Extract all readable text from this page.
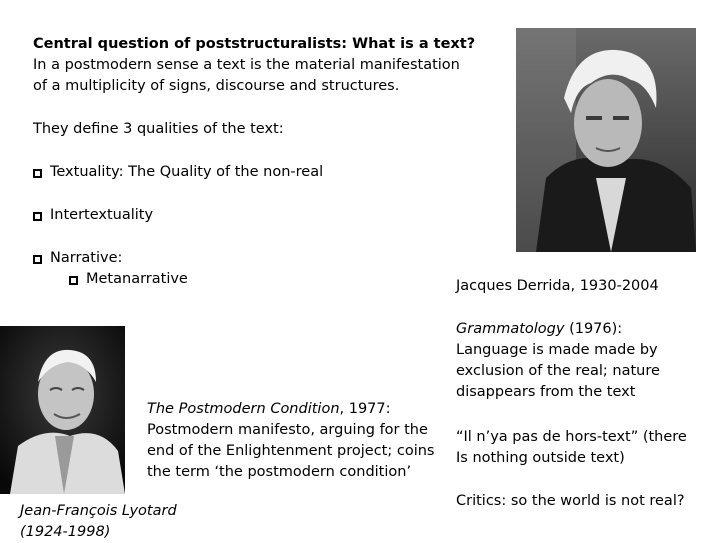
Central question of poststructuralists: What is a text?
In a postmodern sense a text is the material manifestation
of a multiplicity of signs, discourse and structures.
They define 3 qualities of the text:
Textuality: The Quality of the non-real
Intertextuality
Narrative:
Metanarrative	Jacques Derrida, 1930-2004
Grammatology (1976):
Language is made made by
exclusion of the real; nature
disappears from the text
“Il n’ya pas de hors-text” (there
Is nothing outside text)
Critics: so the world is not real?
Jean-François Lyotard
(1924-1998)
The Postmodern Condition, 1977:
Postmodern manifesto, arguing for the
end of the Enlightenment project; coins
the term ‘the postmodern condition’
